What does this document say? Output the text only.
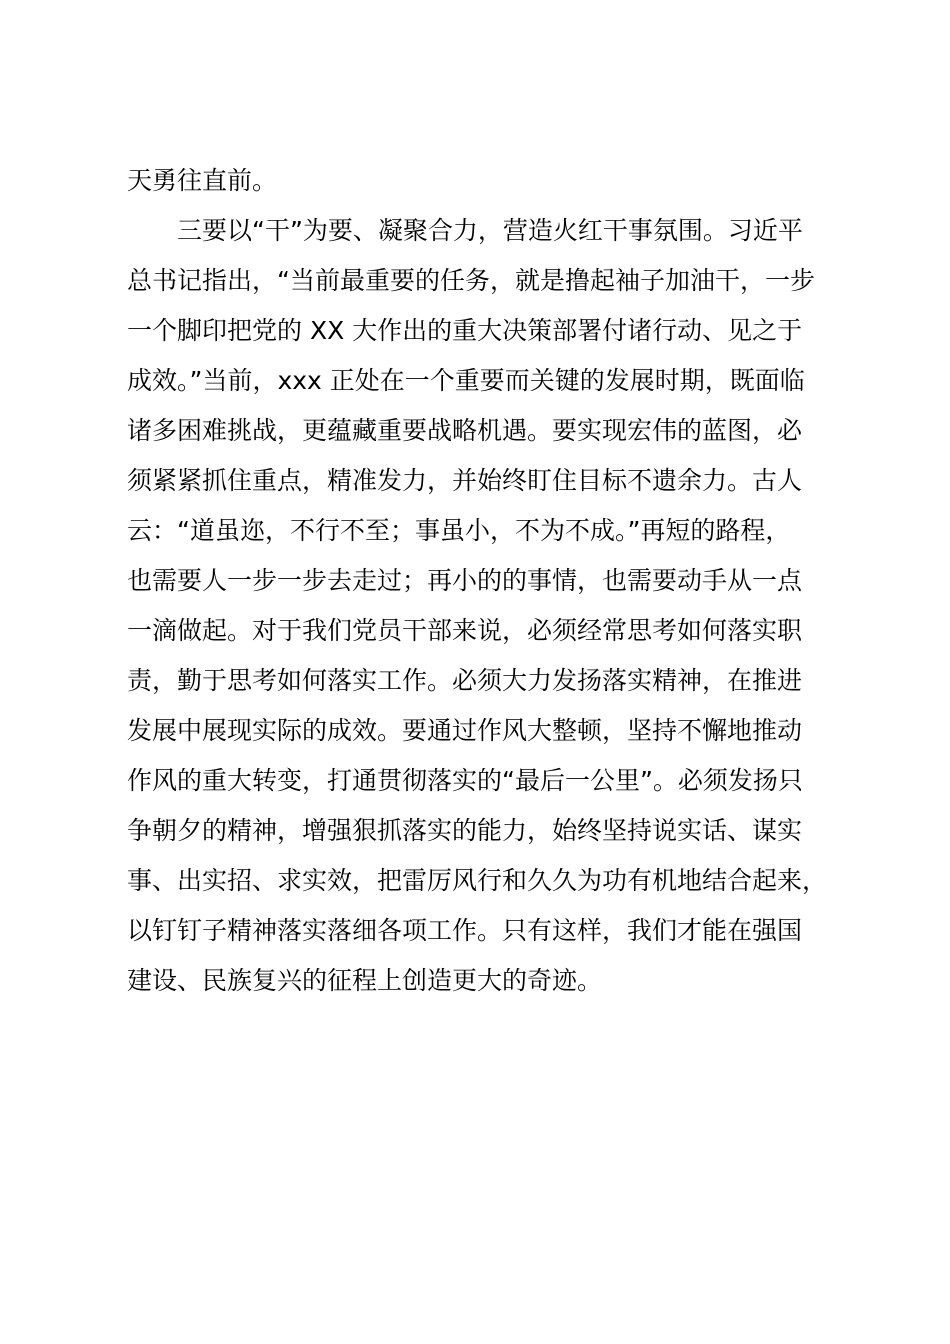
天勇往直前。
三要以“干”为要、凝聚合力，营造火红干事氛围。习近平
总书记指出，“当前最重要的任务，就是撸起袖子加油干，一步
一个脚印把党的 XX 大作出的重大决策部署付诸行动、见之于
成效。”当前，xxx 正处在一个重要而关键的发展时期，既面临
诸多困难挑战，更蕴藏重要战略机遇。要实现宏伟的蓝图，必
须紧紧抓住重点，精准发力，并始终盯住目标不遗余力。古人
云：“道虽迩，不行不至；事虽小，不为不成。”再短的路程，
也需要人一步一步去走过；再小的的事情，也需要动手从一点
一滴做起。对于我们党员干部来说，必须经常思考如何落实职
责，勤于思考如何落实工作。必须大力发扬落实精神，在推进
发展中展现实际的成效。要通过作风大整顿，坚持不懈地推动
作风的重大转变，打通贯彻落实的“最后一公里”。必须发扬只
争朝夕的精神，增强狠抓落实的能力，始终坚持说实话、谋实
事、出实招、求实效，把雷厉风行和久久为功有机地结合起来，
以钉钉子精神落实落细各项工作。只有这样，我们才能在强国
建设、民族复兴的征程上创造更大的奇迹。
